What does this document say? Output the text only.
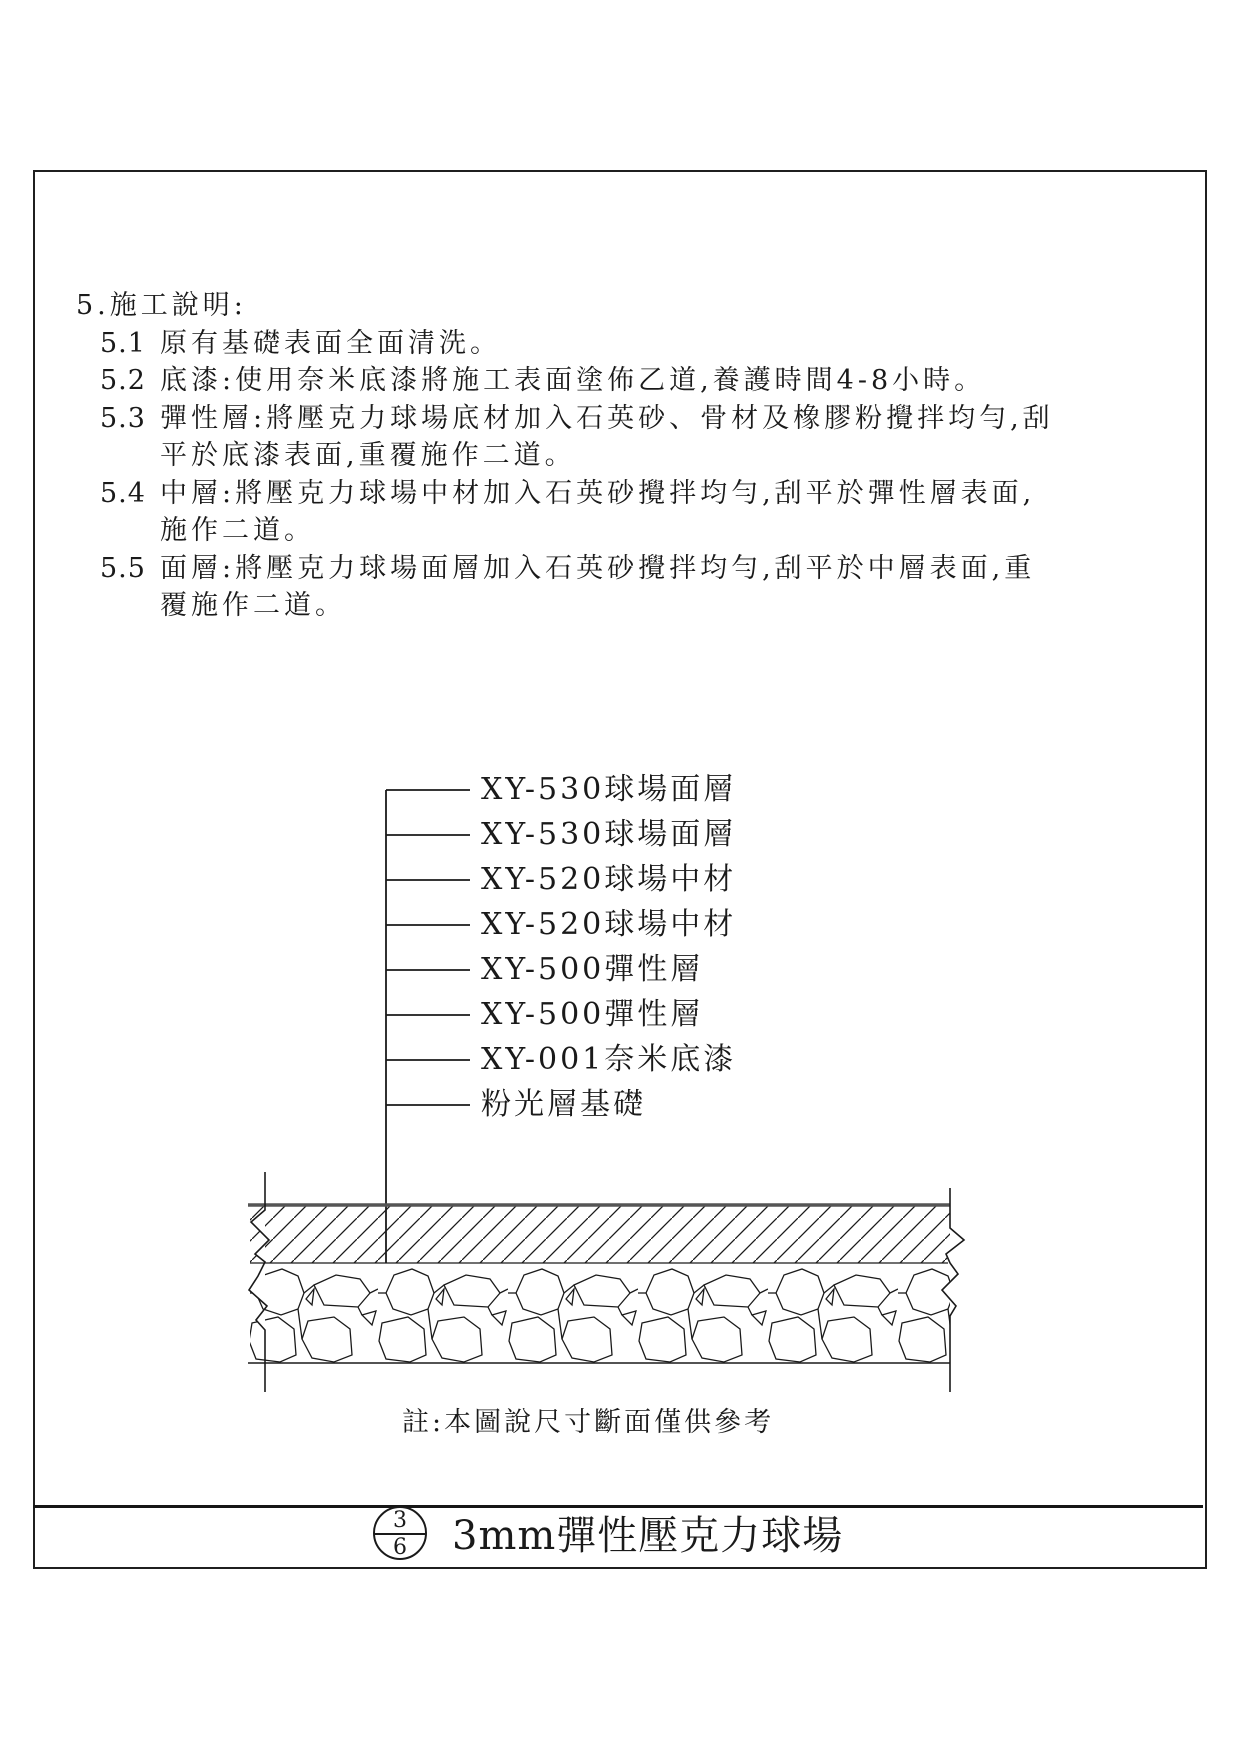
5.施工說明:
5.1 原有基礎表面全面清洗。
5.2 底漆:使用奈米底漆將施工表面塗佈乙道,養護時間4-8小時。
5.3 彈性層:將壓克力球場底材加入石英砂、骨材及橡膠粉攪拌均勻,刮
平於底漆表面,重覆施作二道。
5.4 中層:將壓克力球場中材加入石英砂攪拌均勻,刮平於彈性層表面,
施作二道。
5.5 面層:將壓克力球場面層加入石英砂攪拌均勻,刮平於中層表面,重
覆施作二道。
XY-530球場面層
XY-530球場面層
XY-520球場中材
XY-520球場中材
XY-500彈性層
XY-500彈性層
XY-001奈米底漆
粉光層基礎
註:本圖說尺寸斷面僅供參考
3
6	3mm彈性壓克力球場
